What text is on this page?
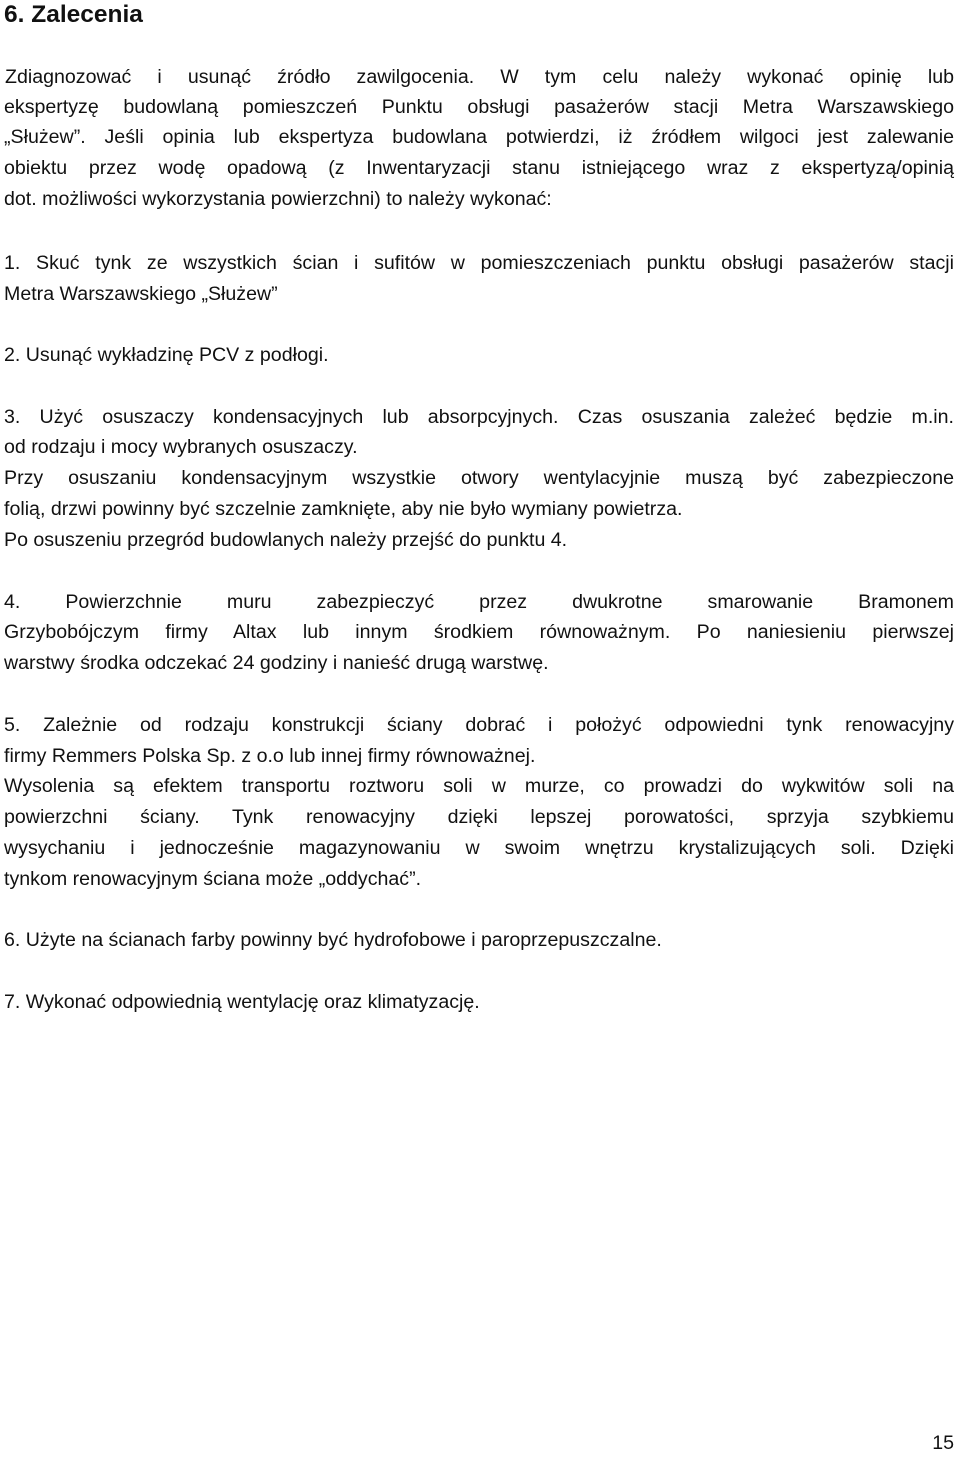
6. Zalecenia
Zdiagnozować i usunąć źródło zawilgocenia. W tym celu należy wykonać opinię lub
ekspertyzę budowlaną pomieszczeń Punktu obsługi pasażerów stacji Metra Warszawskiego
„Służew”. Jeśli opinia lub ekspertyza budowlana potwierdzi, iż źródłem wilgoci jest zalewanie
obiektu przez wodę opadową (z Inwentaryzacji stanu istniejącego wraz z ekspertyzą/opinią
dot. możliwości wykorzystania powierzchni) to należy wykonać:
1. Skuć tynk ze wszystkich ścian i sufitów w pomieszczeniach punktu obsługi pasażerów stacji
Metra Warszawskiego „Służew”
2. Usunąć wykładzinę PCV z podłogi.
3. Użyć osuszaczy kondensacyjnych lub absorpcyjnych. Czas osuszania zależeć będzie m.in.
od rodzaju i mocy wybranych osuszaczy.
Przy osuszaniu kondensacyjnym wszystkie otwory wentylacyjnie muszą być zabezpieczone
folią, drzwi powinny być szczelnie zamknięte, aby nie było wymiany powietrza.
Po osuszeniu przegród budowlanych należy przejść do punktu 4.
4. Powierzchnie muru zabezpieczyć przez dwukrotne smarowanie Bramonem
Grzybobójczym firmy Altax lub innym środkiem równoważnym. Po naniesieniu pierwszej
warstwy środka odczekać 24 godziny i nanieść drugą warstwę.
5. Zależnie od rodzaju konstrukcji ściany dobrać i położyć odpowiedni tynk renowacyjny
firmy Remmers Polska Sp. z o.o lub innej firmy równoważnej.
Wysolenia są efektem transportu roztworu soli w murze, co prowadzi do wykwitów soli na
powierzchni ściany. Tynk renowacyjny dzięki lepszej porowatości, sprzyja szybkiemu
wysychaniu i jednocześnie magazynowaniu w swoim wnętrzu krystalizujących soli. Dzięki
tynkom renowacyjnym ściana może „oddychać”.
6. Użyte na ścianach farby powinny być hydrofobowe i paroprzepuszczalne.
7. Wykonać odpowiednią wentylację oraz klimatyzację.
15
